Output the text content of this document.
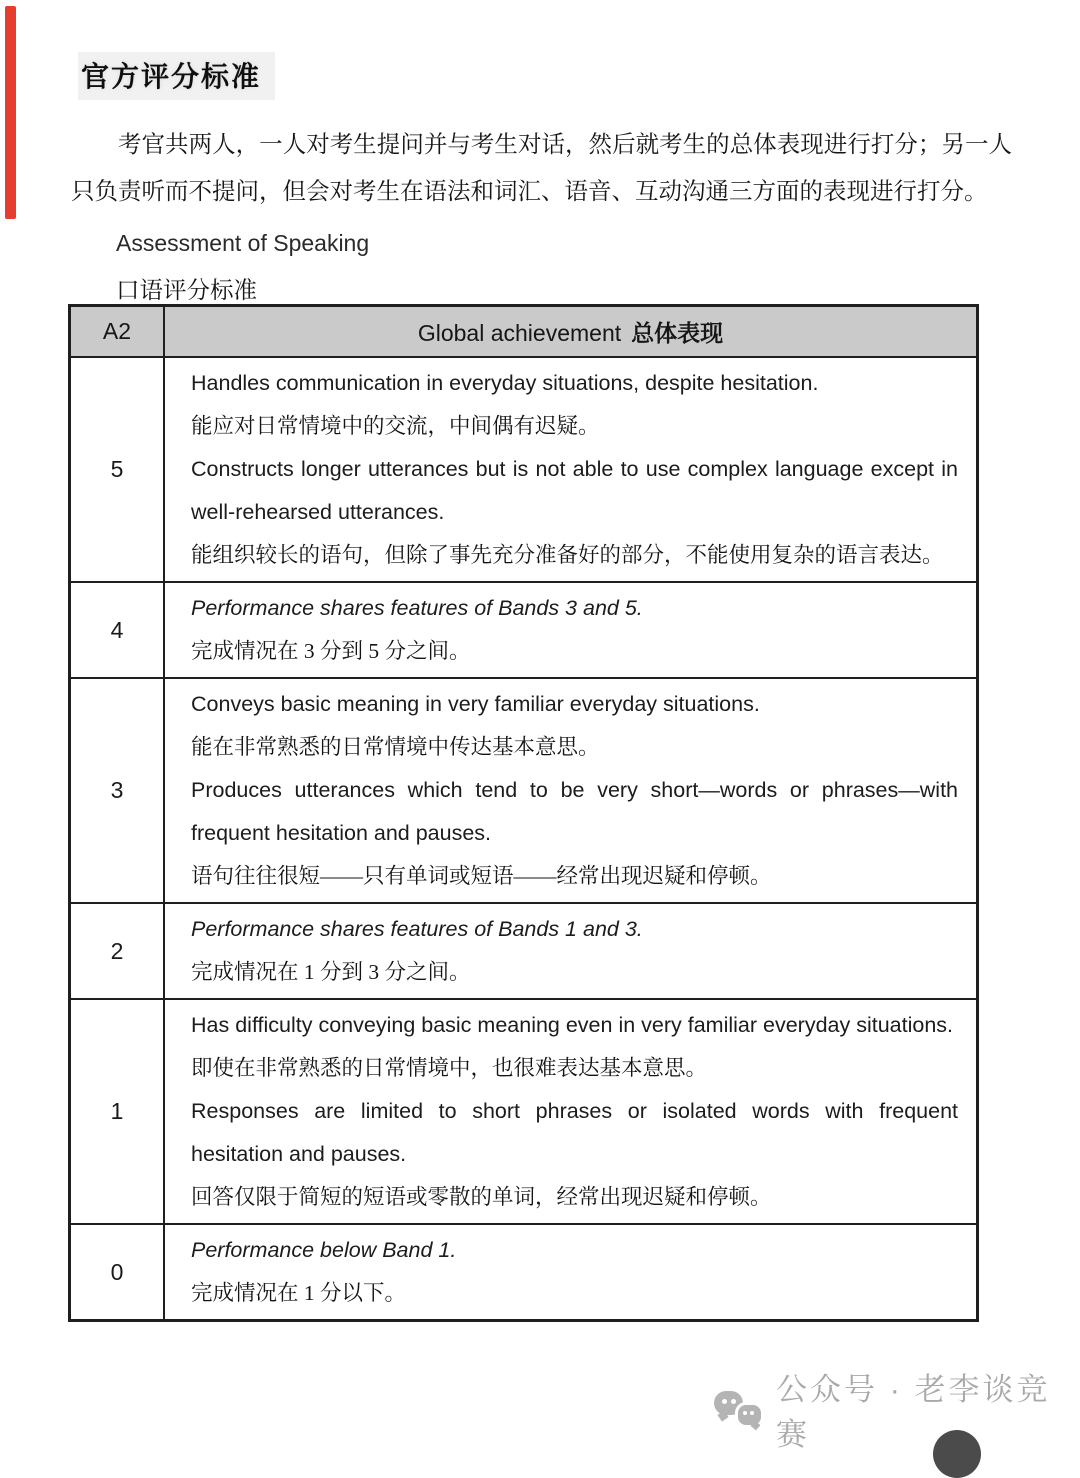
官方评分标准

考官共两人，一人对考生提问并与考生对话，然后就考生的总体表现进行打分；另一人只负责听而不提问，但会对考生在语法和词汇、语音、互动沟通三方面的表现进行打分。

Assessment of Speaking
口语评分标准
A2	Global achievement 总体表现
5	Handles communication in everyday situations, despite hesitation.

能应对日常情境中的交流，中间偶有迟疑。

Constructs longer utterances but is not able to use complex language except in well-rehearsed utterances.

能组织较长的语句，但除了事先充分准备好的部分，不能使用复杂的语言表达。

4	Performance shares features of Bands 3 and 5.

完成情况在 3 分到 5 分之间。

3	Conveys basic meaning in very familiar everyday situations.

能在非常熟悉的日常情境中传达基本意思。

Produces utterances which tend to be very short—words or phrases—with frequent hesitation and pauses.

语句往往很短——只有单词或短语——经常出现迟疑和停顿。

2	Performance shares features of Bands 1 and 3.

完成情况在 1 分到 3 分之间。

1	Has difficulty conveying basic meaning even in very familiar everyday situations.

即使在非常熟悉的日常情境中，也很难表达基本意思。

Responses are limited to short phrases or isolated words with frequent hesitation and pauses.

回答仅限于简短的短语或零散的单词，经常出现迟疑和停顿。

0	Performance below Band 1.

完成情况在 1 分以下。

公众号 · 老李谈竞赛
